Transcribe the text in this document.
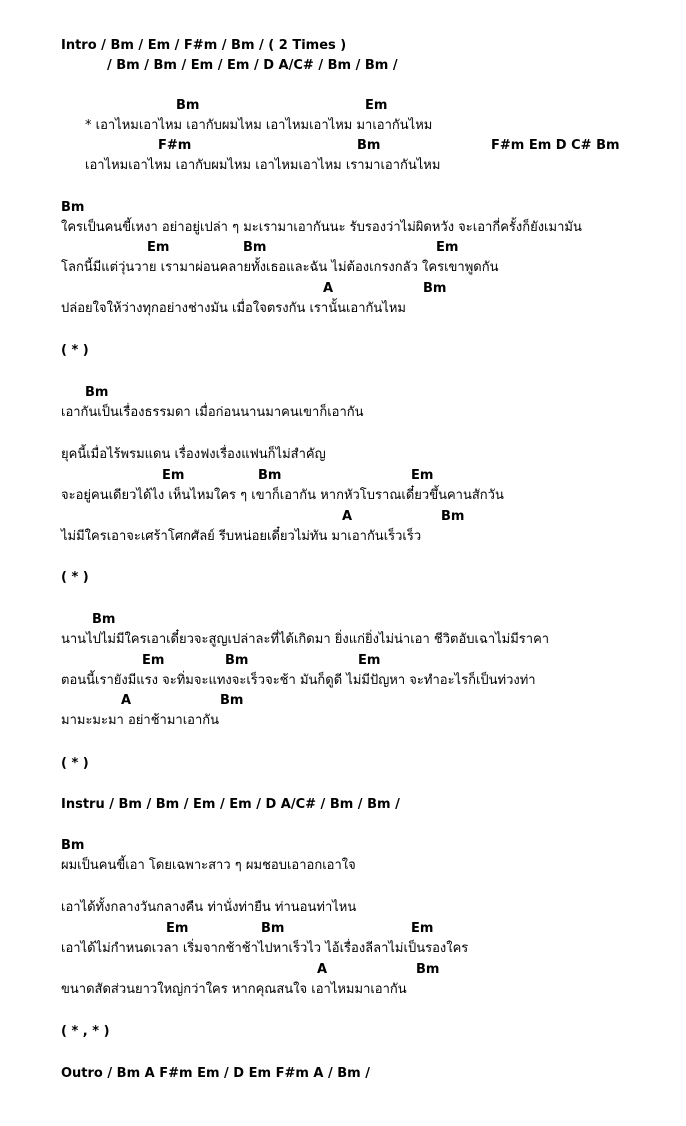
Intro / Bm / Em / F#m / Bm / ( 2 Times )
/ Bm / Bm / Em / Em / D A/C# / Bm / Bm /
Bm	Em
* เอาไหมเอาไหม เอากับผมไหม เอาไหมเอาไหม มาเอากันไหม
F#m	Bm	F#m Em D C# Bm
เอาไหมเอาไหม เอากับผมไหม เอาไหมเอาไหม เรามาเอากันไหม
Bm
ใครเป็นคนขี้เหงา อย่าอยู่เปล่า ๆ มะเรามาเอากันนะ รับรองว่าไม่ผิดหวัง จะเอากี่ครั้งก็ยังเมามัน
Em	Bm	Em
โลกนี้มีแต่วุ่นวาย เรามาผ่อนคลายทั้งเธอและฉัน ไม่ต้องเกรงกลัว ใครเขาพูดกัน
A	Bm
ปล่อยใจให้ว่างทุกอย่างช่างมัน เมื่อใจตรงกัน เรานั้นเอากันไหม
( * )
Bm
เอากันเป็นเรื่องธรรมดา เมื่อก่อนนานมาคนเขาก็เอากัน
ยุคนี้เมื่อไร้พรมแดน เรื่องฟงเรื่องแฟนก็ไม่สำคัญ
Em	Bm	Em
จะอยู่คนเดียวได้ไง เห็นไหมใคร ๆ เขาก็เอากัน หากหัวโบราณเดี๋ยวขึ้นคานสักวัน
A	Bm
ไม่มีใครเอาจะเศร้าโศกศัลย์ รีบหน่อยเดี๋ยวไม่ทัน มาเอากันเร็วเร็ว
( * )
Bm
นานไปไม่มีใครเอาเดี๋ยวจะสูญเปล่าละที่ได้เกิดมา ยิ่งแก่ยิ่งไม่น่าเอา ชีวิตอับเฉาไม่มีราคา
Em	Bm	Em
ตอนนี้เรายังมีแรง จะทิ่มจะแทงจะเร็วจะช้า มันก็ดูดี ไม่มีปัญหา จะทำอะไรก็เป็นท่วงท่า
A	Bm
มามะมะมา อย่าช้ามาเอากัน
( * )
Instru / Bm / Bm / Em / Em / D A/C# / Bm / Bm /
Bm
ผมเป็นคนขี้เอา โดยเฉพาะสาว ๆ ผมชอบเอาอกเอาใจ
เอาได้ทั้งกลางวันกลางคืน ท่านั่งท่ายืน ท่านอนท่าไหน
Em	Bm	Em
เอาได้ไม่กำหนดเวลา เริ่มจากช้าช้าไปหาเร็วไว ไอ้เรื่องลีลาไม่เป็นรองใคร
A	Bm
ขนาดสัดส่วนยาวใหญ่กว่าใคร หากคุณสนใจ เอาไหมมาเอากัน
( * , * )
Outro / Bm A F#m Em / D Em F#m A / Bm /
